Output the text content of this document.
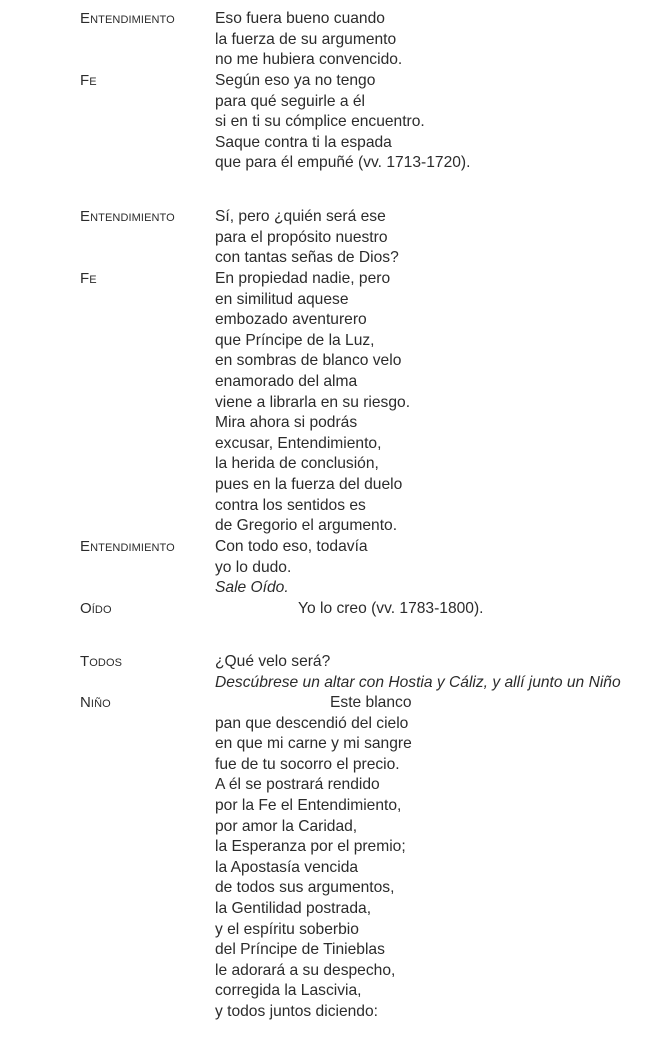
Entendimiento
Fe
Entendimiento
Fe
Entendimiento
Oído
Todos
Niño
Eso fuera bueno cuando
la fuerza de su argumento
no me hubiera convencido.
Según eso ya no tengo
para qué seguirle a él
si en ti su cómplice encuentro.
Saque contra ti la espada
que para él empuñé (vv. 1713-1720).
Sí, pero ¿quién será ese
para el propósito nuestro
con tantas señas de Dios?
En propiedad nadie, pero
en similitud aquese
embozado aventurero
que Príncipe de la Luz,
en sombras de blanco velo
enamorado del alma
viene a librarla en su riesgo.
Mira ahora si podrás
excusar, Entendimiento,
la herida de conclusión,
pues en la fuerza del duelo
contra los sentidos es
de Gregorio el argumento.
Con todo eso, todavía
yo lo dudo.
Sale Oído.
Yo lo creo (vv. 1783-1800).
¿Qué velo será?
Descúbrese un altar con Hostia y Cáliz, y allí junto un Niño
Este blanco
pan que descendió del cielo
en que mi carne y mi sangre
fue de tu socorro el precio.
A él se postrará rendido
por la Fe el Entendimiento,
por amor la Caridad,
la Esperanza por el premio;
la Apostasía vencida
de todos sus argumentos,
la Gentilidad postrada,
y el espíritu soberbio
del Príncipe de Tinieblas
le adorará a su despecho,
corregida la Lascivia,
y todos juntos diciendo:
